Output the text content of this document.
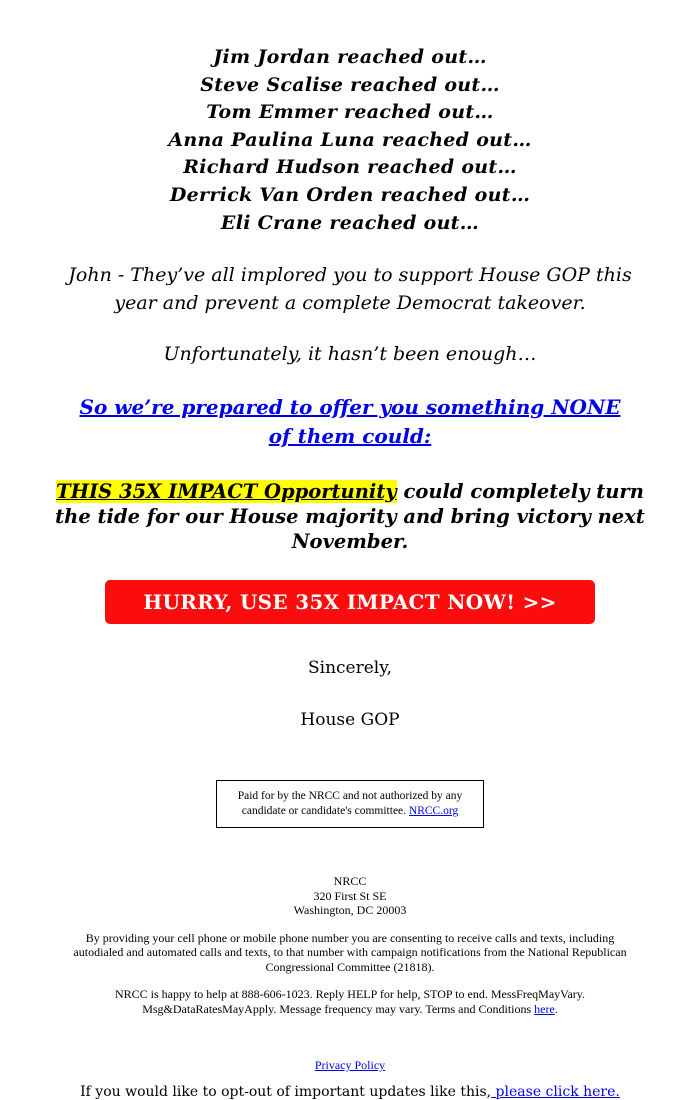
Jim Jordan reached out…
Steve Scalise reached out…
Tom Emmer reached out…
Anna Paulina Luna reached out…
Richard Hudson reached out…
Derrick Van Orden reached out…
Eli Crane reached out…

John - They’ve all implored you to support House GOP this year and prevent a complete Democrat takeover.

Unfortunately, it hasn’t been enough…

So we’re prepared to offer you something NONE of them could:

THIS 35X IMPACT Opportunity could completely turn the tide for our House majority and bring victory next November.

HURRY, USE 35X IMPACT NOW! >>

Sincerely,

House GOP

Paid for by the NRCC and not authorized by any candidate or candidate's committee. NRCC.org
NRCC
320 First St SE
Washington, DC 20003

By providing your cell phone or mobile phone number you are consenting to receive calls and texts, including autodialed and automated calls and texts, to that number with campaign notifications from the National Republican Congressional Committee (21818).

NRCC is happy to help at 888-606-1023. Reply HELP for help, STOP to end. MessFreqMayVary. Msg&DataRatesMayApply. Message frequency may vary. Terms and Conditions here.

Privacy Policy

If you would like to opt-out of important updates like this, please click here.
